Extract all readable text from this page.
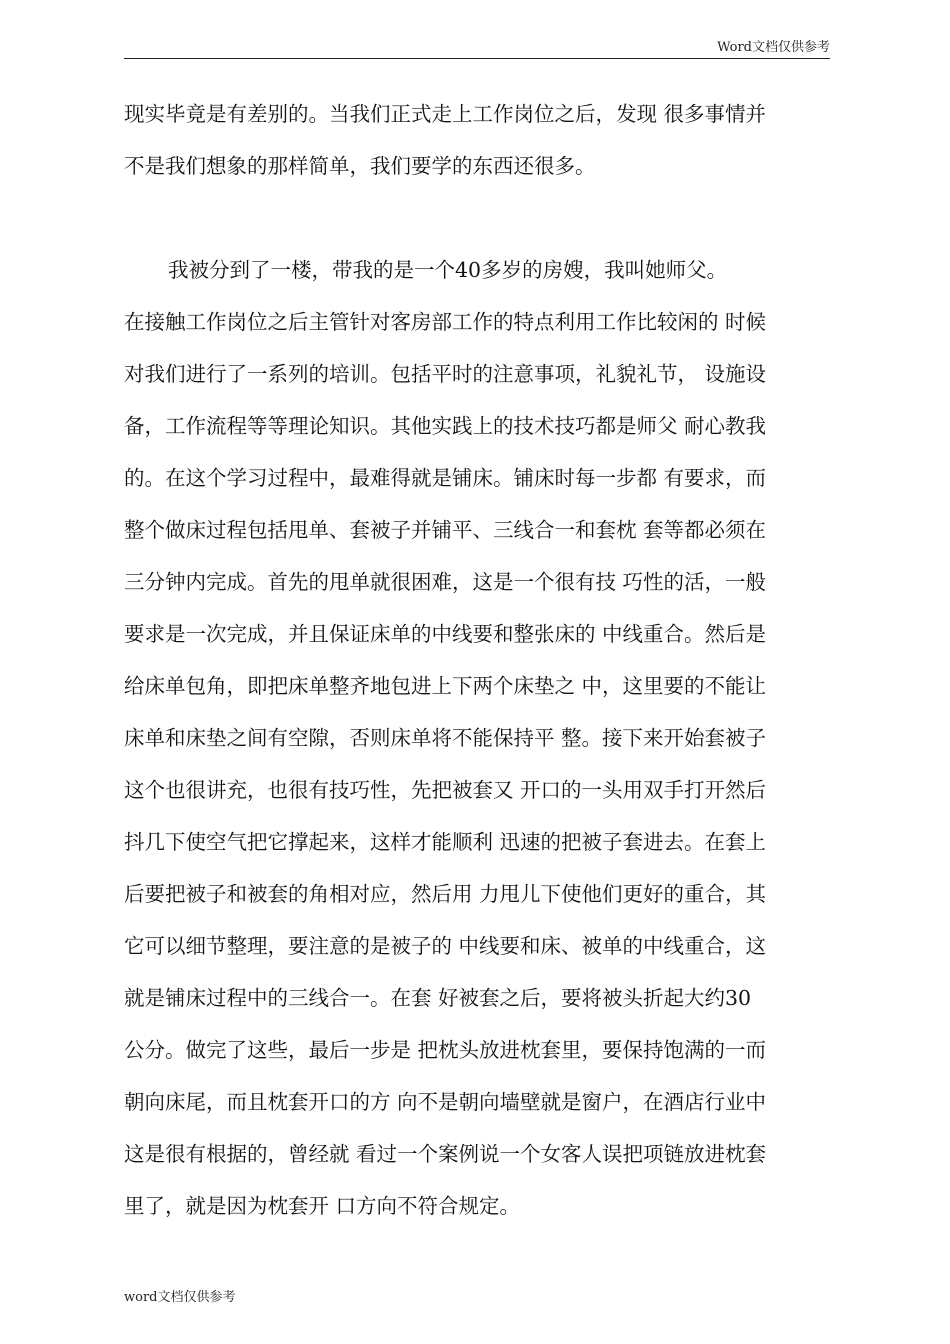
Word文档仅供参考
现实毕竟是有差别的。当我们正式走上工作岗位之后，发现 很多事情并
不是我们想象的那样简单，我们要学的东西还很多。
我被分到了一楼，带我的是一个40多岁的房嫂，我叫她师父。
在接触工作岗位之后主管针对客房部工作的特点利用工作比较闲的 时候
对我们进行了一系列的培训。包括平时的注意事项，礼貌礼节， 设施设
备，工作流程等等理论知识。其他实践上的技术技巧都是师父 耐心教我
的。在这个学习过程中，最难得就是铺床。铺床时每一步都 有要求，而
整个做床过程包括甩单、套被子并铺平、三线合一和套枕 套等都必须在
三分钟内完成。首先的甩单就很困难，这是一个很有技 巧性的活，一般
要求是一次完成，并且保证床单的中线要和整张床的 中线重合。然后是
给床单包角，即把床单整齐地包进上下两个床垫之 中，这里要的不能让
床单和床垫之间有空隙，否则床单将不能保持平 整。接下来开始套被子
这个也很讲充，也很有技巧性，先把被套又 开口的一头用双手打开然后
抖几下使空气把它撑起来，这样才能顺利 迅速的把被子套进去。在套上
后要把被子和被套的角相对应，然后用 力甩儿下使他们更好的重合，其
它可以细节整理，要注意的是被子的 中线要和床、被单的中线重合，这
就是铺床过程中的三线合一。在套 好被套之后，要将被头折起大约30
公分。做完了这些，最后一步是 把枕头放进枕套里，要保持饱满的一而
朝向床尾，而且枕套开口的方 向不是朝向墙壁就是窗户，在酒店行业中
这是很有根据的，曾经就 看过一个案例说一个女客人误把项链放进枕套
里了，就是因为枕套开 口方向不符合规定。
word文档仅供参考
